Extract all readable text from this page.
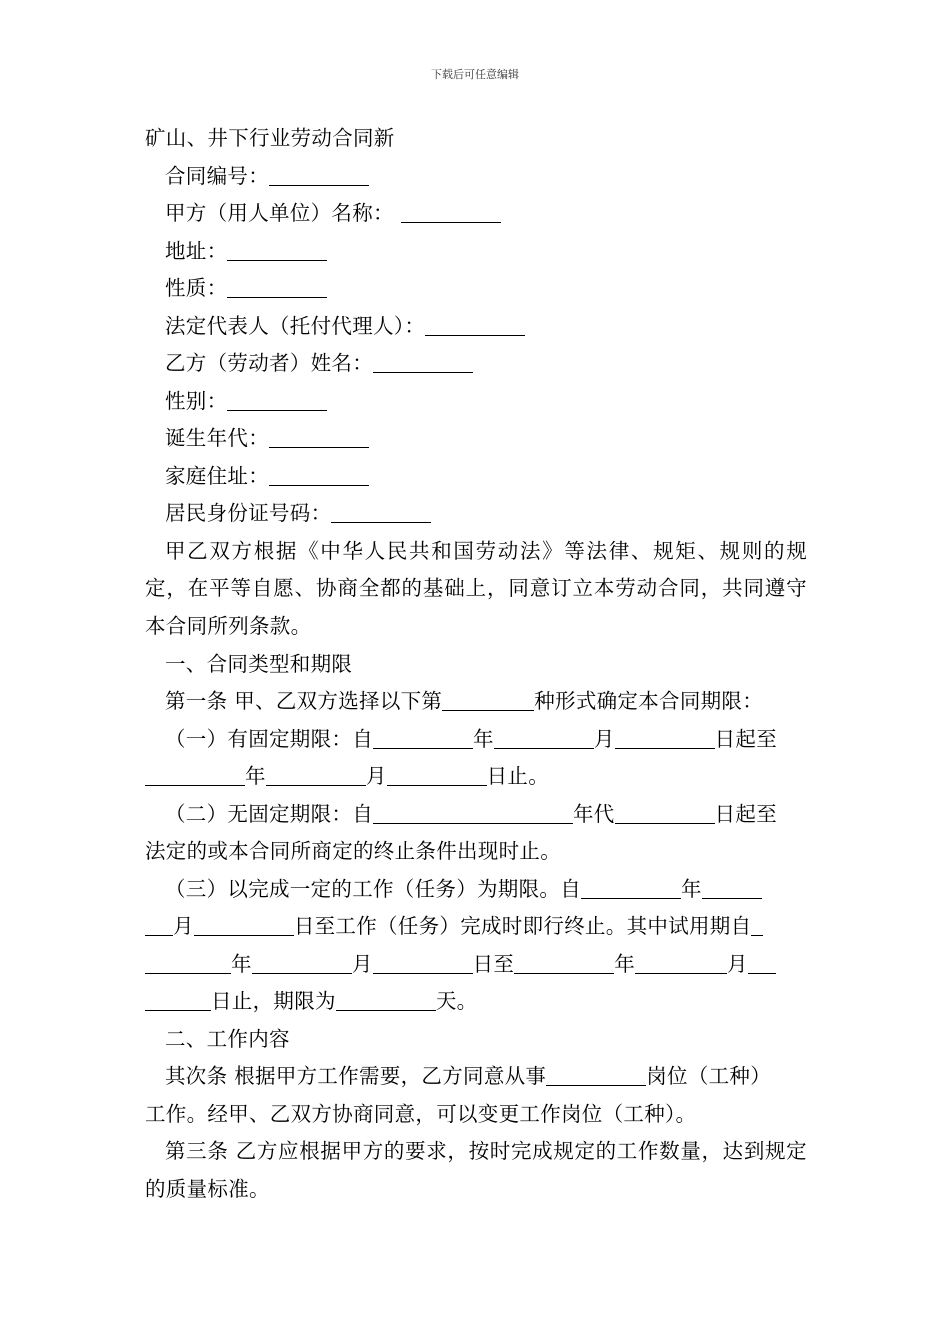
下载后可任意编辑
矿山、井下行业劳动合同新
合同编号：
甲方（用人单位）名称：
地址：
性质：
法定代表人（托付代理人）：
乙方（劳动者）姓名：
性别：
诞生年代：
家庭住址：
居民身份证号码：
甲乙双方根据《中华人民共和国劳动法》等法律、规矩、规则的规定，在平等自愿、协商全都的基础上，同意订立本劳动合同，共同遵守本合同所列条款。
一、合同类型和期限
第一条 甲、乙双方选择以下第	种形式确定本合同期限：
（一）有固定期限：自	年	月	日起至
年	月	日止。
（二）无固定期限：自	年代	日起至
法定的或本合同所商定的终止条件出现时止。
（三）以完成一定的工作（任务）为期限。自	年
月	日至工作（任务）完成时即行终止。其中试用期自
年	月	日至	年	月
日止，期限为	天。
二、工作内容
其次条 根据甲方工作需要，乙方同意从事	岗位（工种）
工作。经甲、乙双方协商同意，可以变更工作岗位（工种）。
第三条 乙方应根据甲方的要求，按时完成规定的工作数量，达到规定的质量标准。
